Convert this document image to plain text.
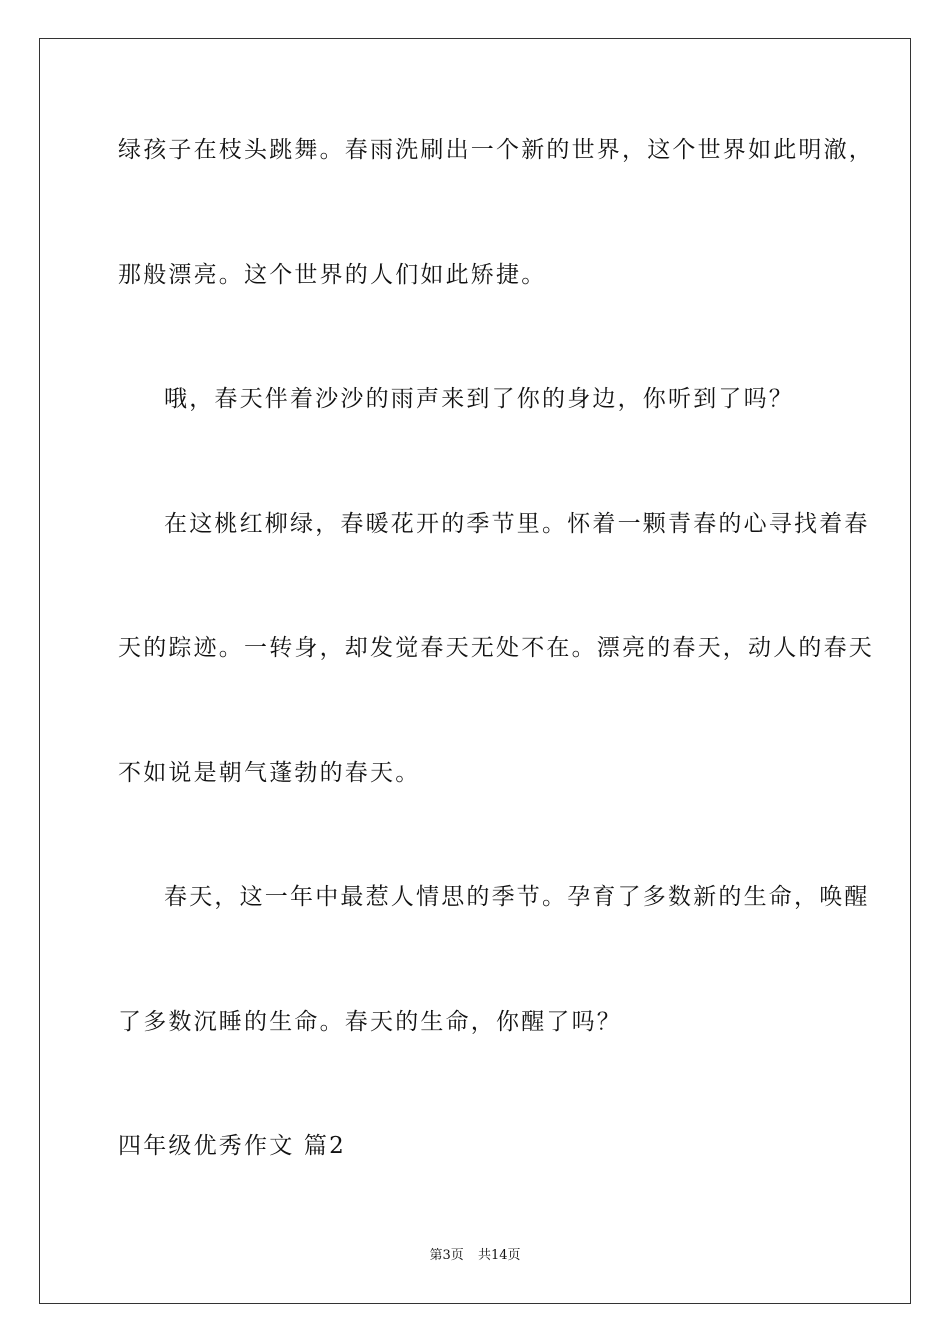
绿孩子在枝头跳舞。春雨洗刷出一个新的世界，这个世界如此明澈，
那般漂亮。这个世界的人们如此矫捷。
哦，春天伴着沙沙的雨声来到了你的身边，你听到了吗？
在这桃红柳绿，春暖花开的季节里。怀着一颗青春的心寻找着春
天的踪迹。一转身，却发觉春天无处不在。漂亮的春天，动人的春天
不如说是朝气蓬勃的春天。
春天，这一年中最惹人情思的季节。孕育了多数新的生命，唤醒
了多数沉睡的生命。春天的生命，你醒了吗？
四年级优秀作文 篇2
第3页 共14页
